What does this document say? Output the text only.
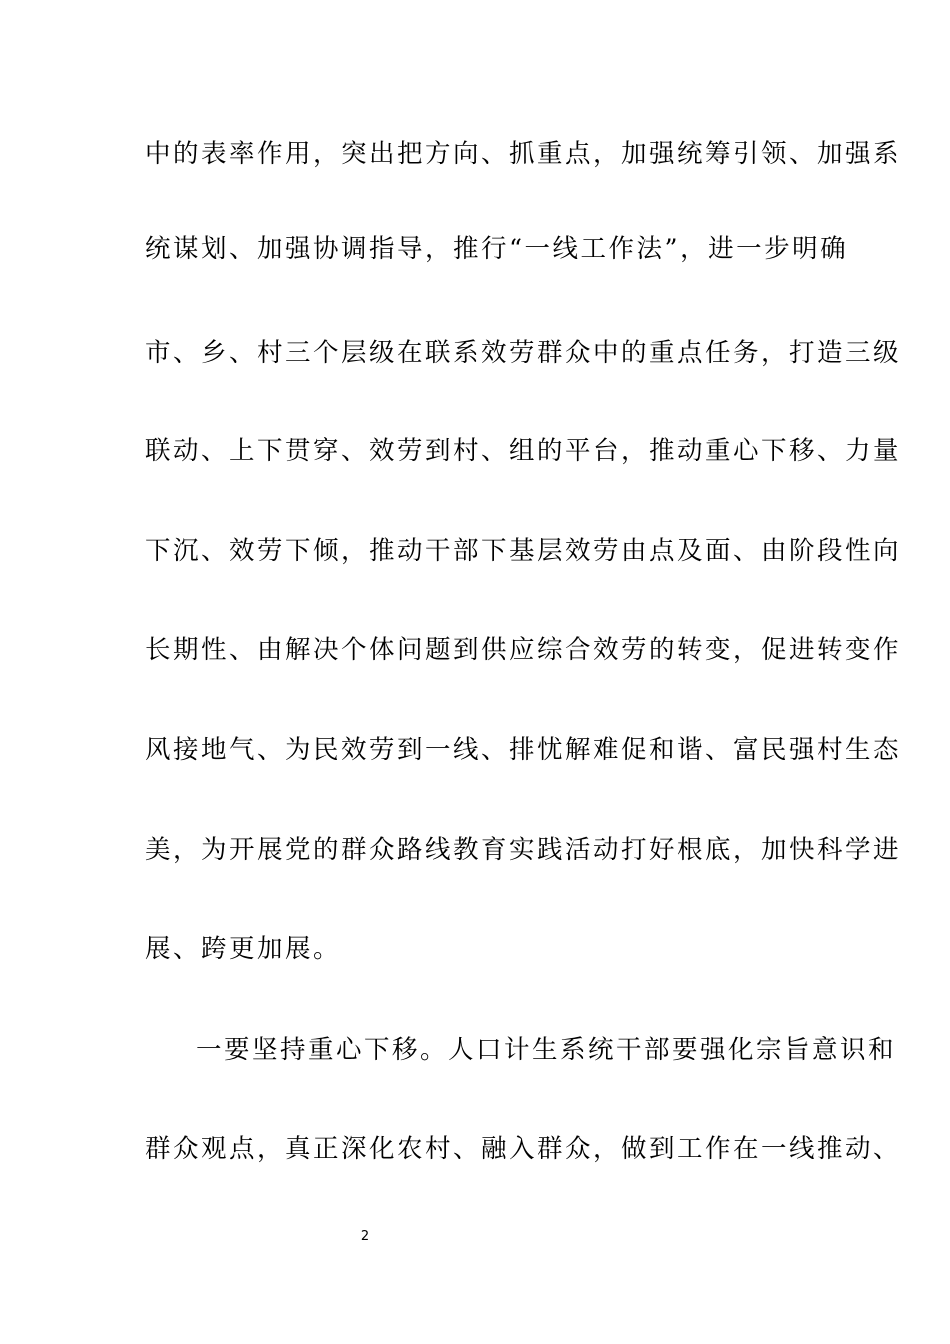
中的表率作用，突出把方向、抓重点，加强统筹引领、加强系
统谋划、加强协调指导，推行“一线工作法”，进一步明确
市、乡、村三个层级在联系效劳群众中的重点任务，打造三级
联动、上下贯穿、效劳到村、组的平台，推动重心下移、力量
下沉、效劳下倾，推动干部下基层效劳由点及面、由阶段性向
长期性、由解决个体问题到供应综合效劳的转变，促进转变作
风接地气、为民效劳到一线、排忧解难促和谐、富民强村生态
美，为开展党的群众路线教育实践活动打好根底，加快科学进
展、跨更加展。
一要坚持重心下移。人口计生系统干部要强化宗旨意识和
群众观点，真正深化农村、融入群众，做到工作在一线推动、
2
